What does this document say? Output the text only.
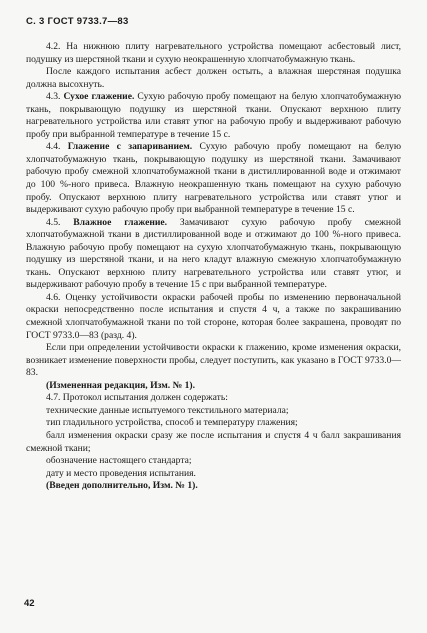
С. 3 ГОСТ 9733.7—83

4.2. На нижнюю плиту нагревательного устройства помещают асбестовый лист, подушку из шерстяной ткани и сухую неокрашенную хлопчатобумажную ткань.

После каждого испытания асбест должен остыть, а влажная шерстяная подушка должна высохнуть.

4.3. Сухое глажение. Сухую рабочую пробу помещают на белую хлопчатобумажную ткань, покрывающую подушку из шерстяной ткани. Опускают верхнюю плиту нагревательного устройства или ставят утюг на рабочую пробу и выдерживают рабочую пробу при выбранной температуре в течение 15 с.

4.4. Глажение с запариванием. Сухую рабочую пробу помещают на белую хлопчатобумажную ткань, покрывающую подушку из шерстяной ткани. Замачивают рабочую пробу смежной хлопчатобумажной ткани в дистиллированной воде и отжимают до 100 %-ного привеса. Влажную неокрашенную ткань помещают на сухую рабочую пробу. Опускают верхнюю плиту нагревательного устройства или ставят утюг и выдерживают сухую рабочую пробу при выбранной температуре в течение 15 с.

4.5. Влажное глажение. Замачивают сухую рабочую пробу смежной хлопчатобумажной ткани в дистиллированной воде и отжимают до 100 %-ного привеса. Влажную рабочую пробу помещают на сухую хлопчатобумажную ткань, покрывающую подушку из шерстяной ткани, и на него кладут влажную смежную хлопчатобумажную ткань. Опускают верхнюю плиту нагревательного устройства или ставят утюг, и выдерживают рабочую пробу в течение 15 с при выбранной температуре.

4.6. Оценку устойчивости окраски рабочей пробы по изменению первоначальной окраски непосредственно после испытания и спустя 4 ч, а также по закрашиванию смежной хлопчатобумажной ткани по той стороне, которая более закрашена, проводят по ГОСТ 9733.0—83 (разд. 4).

Если при определении устойчивости окраски к глажению, кроме изменения окраски, возникает изменение поверхности пробы, следует поступить, как указано в ГОСТ 9733.0—83.

(Измененная редакция, Изм. № 1).

4.7. Протокол испытания должен содержать:

технические данные испытуемого текстильного материала;

тип гладильного устройства, способ и температуру глажения;

балл изменения окраски сразу же после испытания и спустя 4 ч балл закрашивания смежной ткани;

обозначение настоящего стандарта;

дату и место проведения испытания.

(Введен дополнительно, Изм. № 1).

42
